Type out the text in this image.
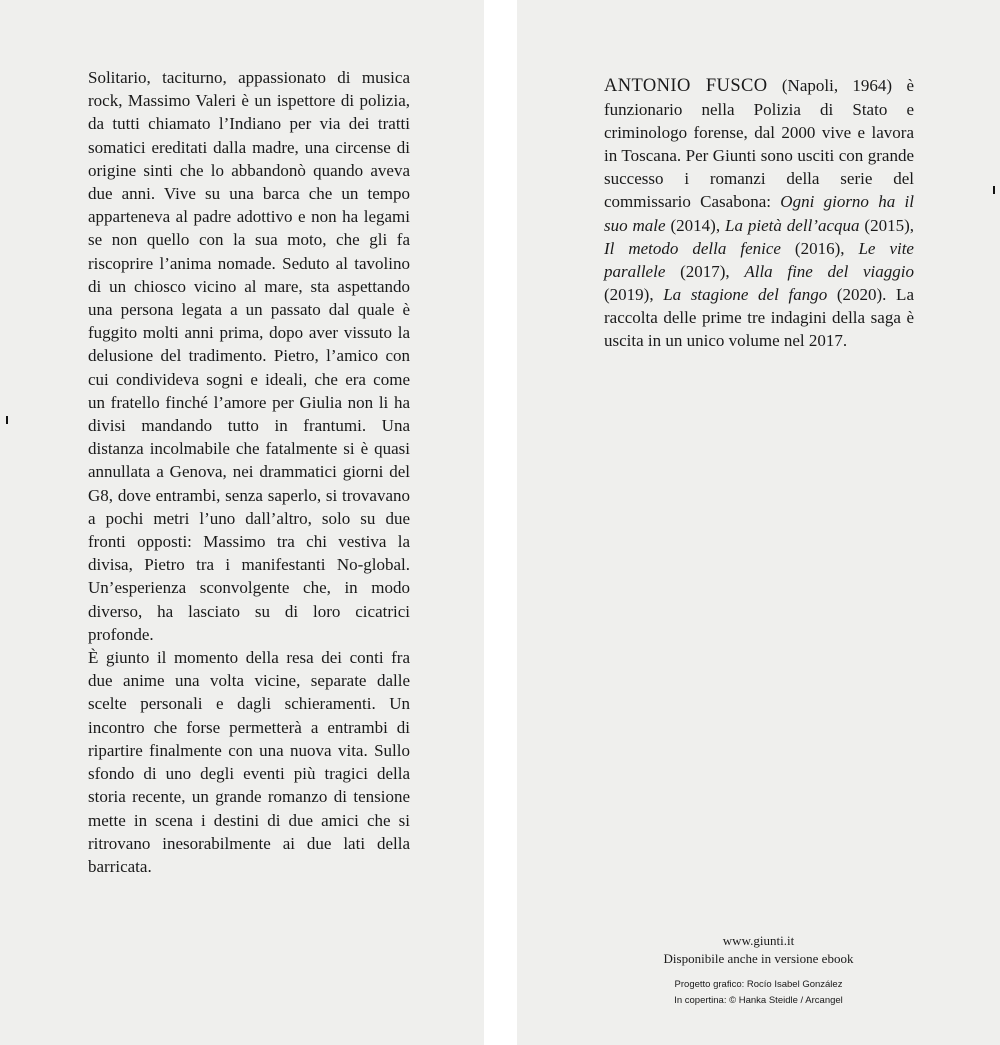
Solitario, taciturno, appassionato di musica rock, Massimo Valeri è un ispettore di polizia, da tutti chiamato l’Indiano per via dei tratti somatici ereditati dalla madre, una circense di origine sinti che lo abbandonò quando aveva due anni. Vive su una barca che un tempo apparteneva al padre adottivo e non ha legami se non quello con la sua moto, che gli fa riscoprire l’anima nomade. Seduto al tavolino di un chiosco vicino al mare, sta aspettando una persona legata a un passato dal quale è fuggito molti anni prima, dopo aver vissuto la delusione del tradimento. Pietro, l’amico con cui condivideva sogni e ideali, che era come un fratello finché l’amore per Giulia non li ha divisi mandando tutto in frantumi. Una distanza incolmabile che fatalmente si è quasi annullata a Genova, nei drammatici giorni del G8, dove entrambi, senza saperlo, si trovavano a pochi metri l’uno dall’altro, solo su due fronti opposti: Massimo tra chi vestiva la divisa, Pietro tra i manifestanti No-global. Un’esperienza sconvolgente che, in modo diverso, ha lasciato su di loro cicatrici profonde.

È giunto il momento della resa dei conti fra due anime una volta vicine, separate dalle scelte personali e dagli schieramenti. Un incontro che forse permetterà a entrambi di ripartire finalmente con una nuova vita. Sullo sfondo di uno degli eventi più tragici della storia recente, un grande romanzo di tensione mette in scena i destini di due amici che si ritrovano inesorabilmente ai due lati della barricata.

ANTONIO FUSCO (Napoli, 1964) è funzionario nella Polizia di Stato e criminologo forense, dal 2000 vive e lavora in Toscana. Per Giunti sono usciti con grande successo i romanzi della serie del commissario Casabona: Ogni giorno ha il suo male (2014), La pietà dell’acqua (2015), Il metodo della fenice (2016), Le vite parallele (2017), Alla fine del viaggio (2019), La stagione del fango (2020). La raccolta delle prime tre indagini della saga è uscita in un unico volume nel 2017.

www.giunti.it
Disponibile anche in versione ebook
Progetto grafico: Rocío Isabel González
In copertina: © Hanka Steidle / Arcangel
